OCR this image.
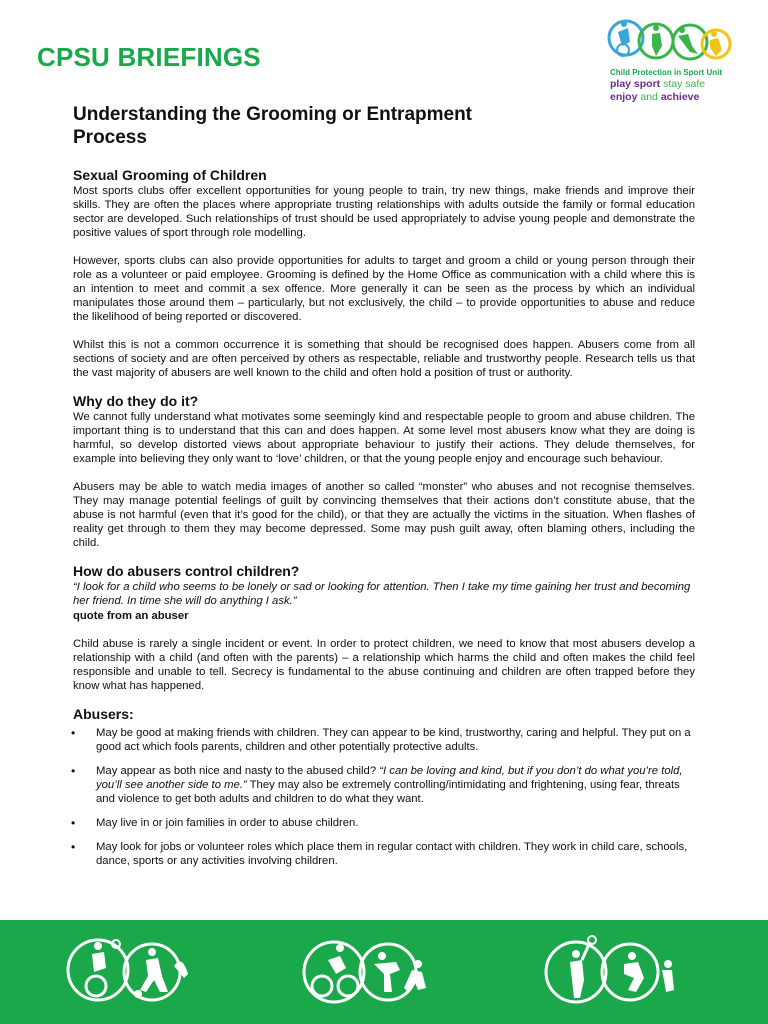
CPSU BRIEFINGS
Child Protection in Sport Unit
play sport stay safe
enjoy and achieve
Understanding the Grooming or Entrapment Process
Sexual Grooming of Children

Most sports clubs offer excellent opportunities for young people to train, try new things, make friends and improve their skills. They are often the places where appropriate trusting relationships with adults outside the family or formal education sector are developed. Such relationships of trust should be used appropriately to advise young people and demonstrate the positive values of sport through role modelling.

However, sports clubs can also provide opportunities for adults to target and groom a child or young person through their role as a volunteer or paid employee. Grooming is defined by the Home Office as communication with a child where this is an intention to meet and commit a sex offence. More generally it can be seen as the process by which an individual manipulates those around them – particularly, but not exclusively, the child – to provide opportunities to abuse and reduce the likelihood of being reported or discovered.

Whilst this is not a common occurrence it is something that should be recognised does happen. Abusers come from all sections of society and are often perceived by others as respectable, reliable and trustworthy people. Research tells us that the vast majority of abusers are well known to the child and often hold a position of trust or authority.

Why do they do it?

We cannot fully understand what motivates some seemingly kind and respectable people to groom and abuse children. The important thing is to understand that this can and does happen. At some level most abusers know what they are doing is harmful, so develop distorted views about appropriate behaviour to justify their actions. They delude themselves, for example into believing they only want to ‘love’ children, or that the young people enjoy and encourage such behaviour.

Abusers may be able to watch media images of another so called “monster” who abuses and not recognise themselves. They may manage potential feelings of guilt by convincing themselves that their actions don’t constitute abuse, that the abuse is not harmful (even that it’s good for the child), or that they are actually the victims in the situation. When flashes of reality get through to them they may become depressed. Some may push guilt away, often blaming others, including the child.

How do abusers control children?

“I look for a child who seems to be lonely or sad or looking for attention. Then I take my time gaining her trust and becoming her friend. In time she will do anything I ask.”

quote from an abuser

Child abuse is rarely a single incident or event. In order to protect children, we need to know that most abusers develop a relationship with a child (and often with the parents) – a relationship which harms the child and often makes the child feel responsible and unable to tell. Secrecy is fundamental to the abuse continuing and children are often trapped before they know what has happened.

Abusers:
• May be good at making friends with children. They can appear to be kind, trustworthy, caring and helpful. They put on a good act which fools parents, children and other potentially protective adults.
• May appear as both nice and nasty to the abused child? “I can be loving and kind, but if you don’t do what you’re told, you’ll see another side to me.” They may also be extremely controlling/intimidating and frightening, using fear, threats and violence to get both adults and children to do what they want.
• May live in or join families in order to abuse children.
• May look for jobs or volunteer roles which place them in regular contact with children. They work in child care, schools, dance, sports or any activities involving children.
